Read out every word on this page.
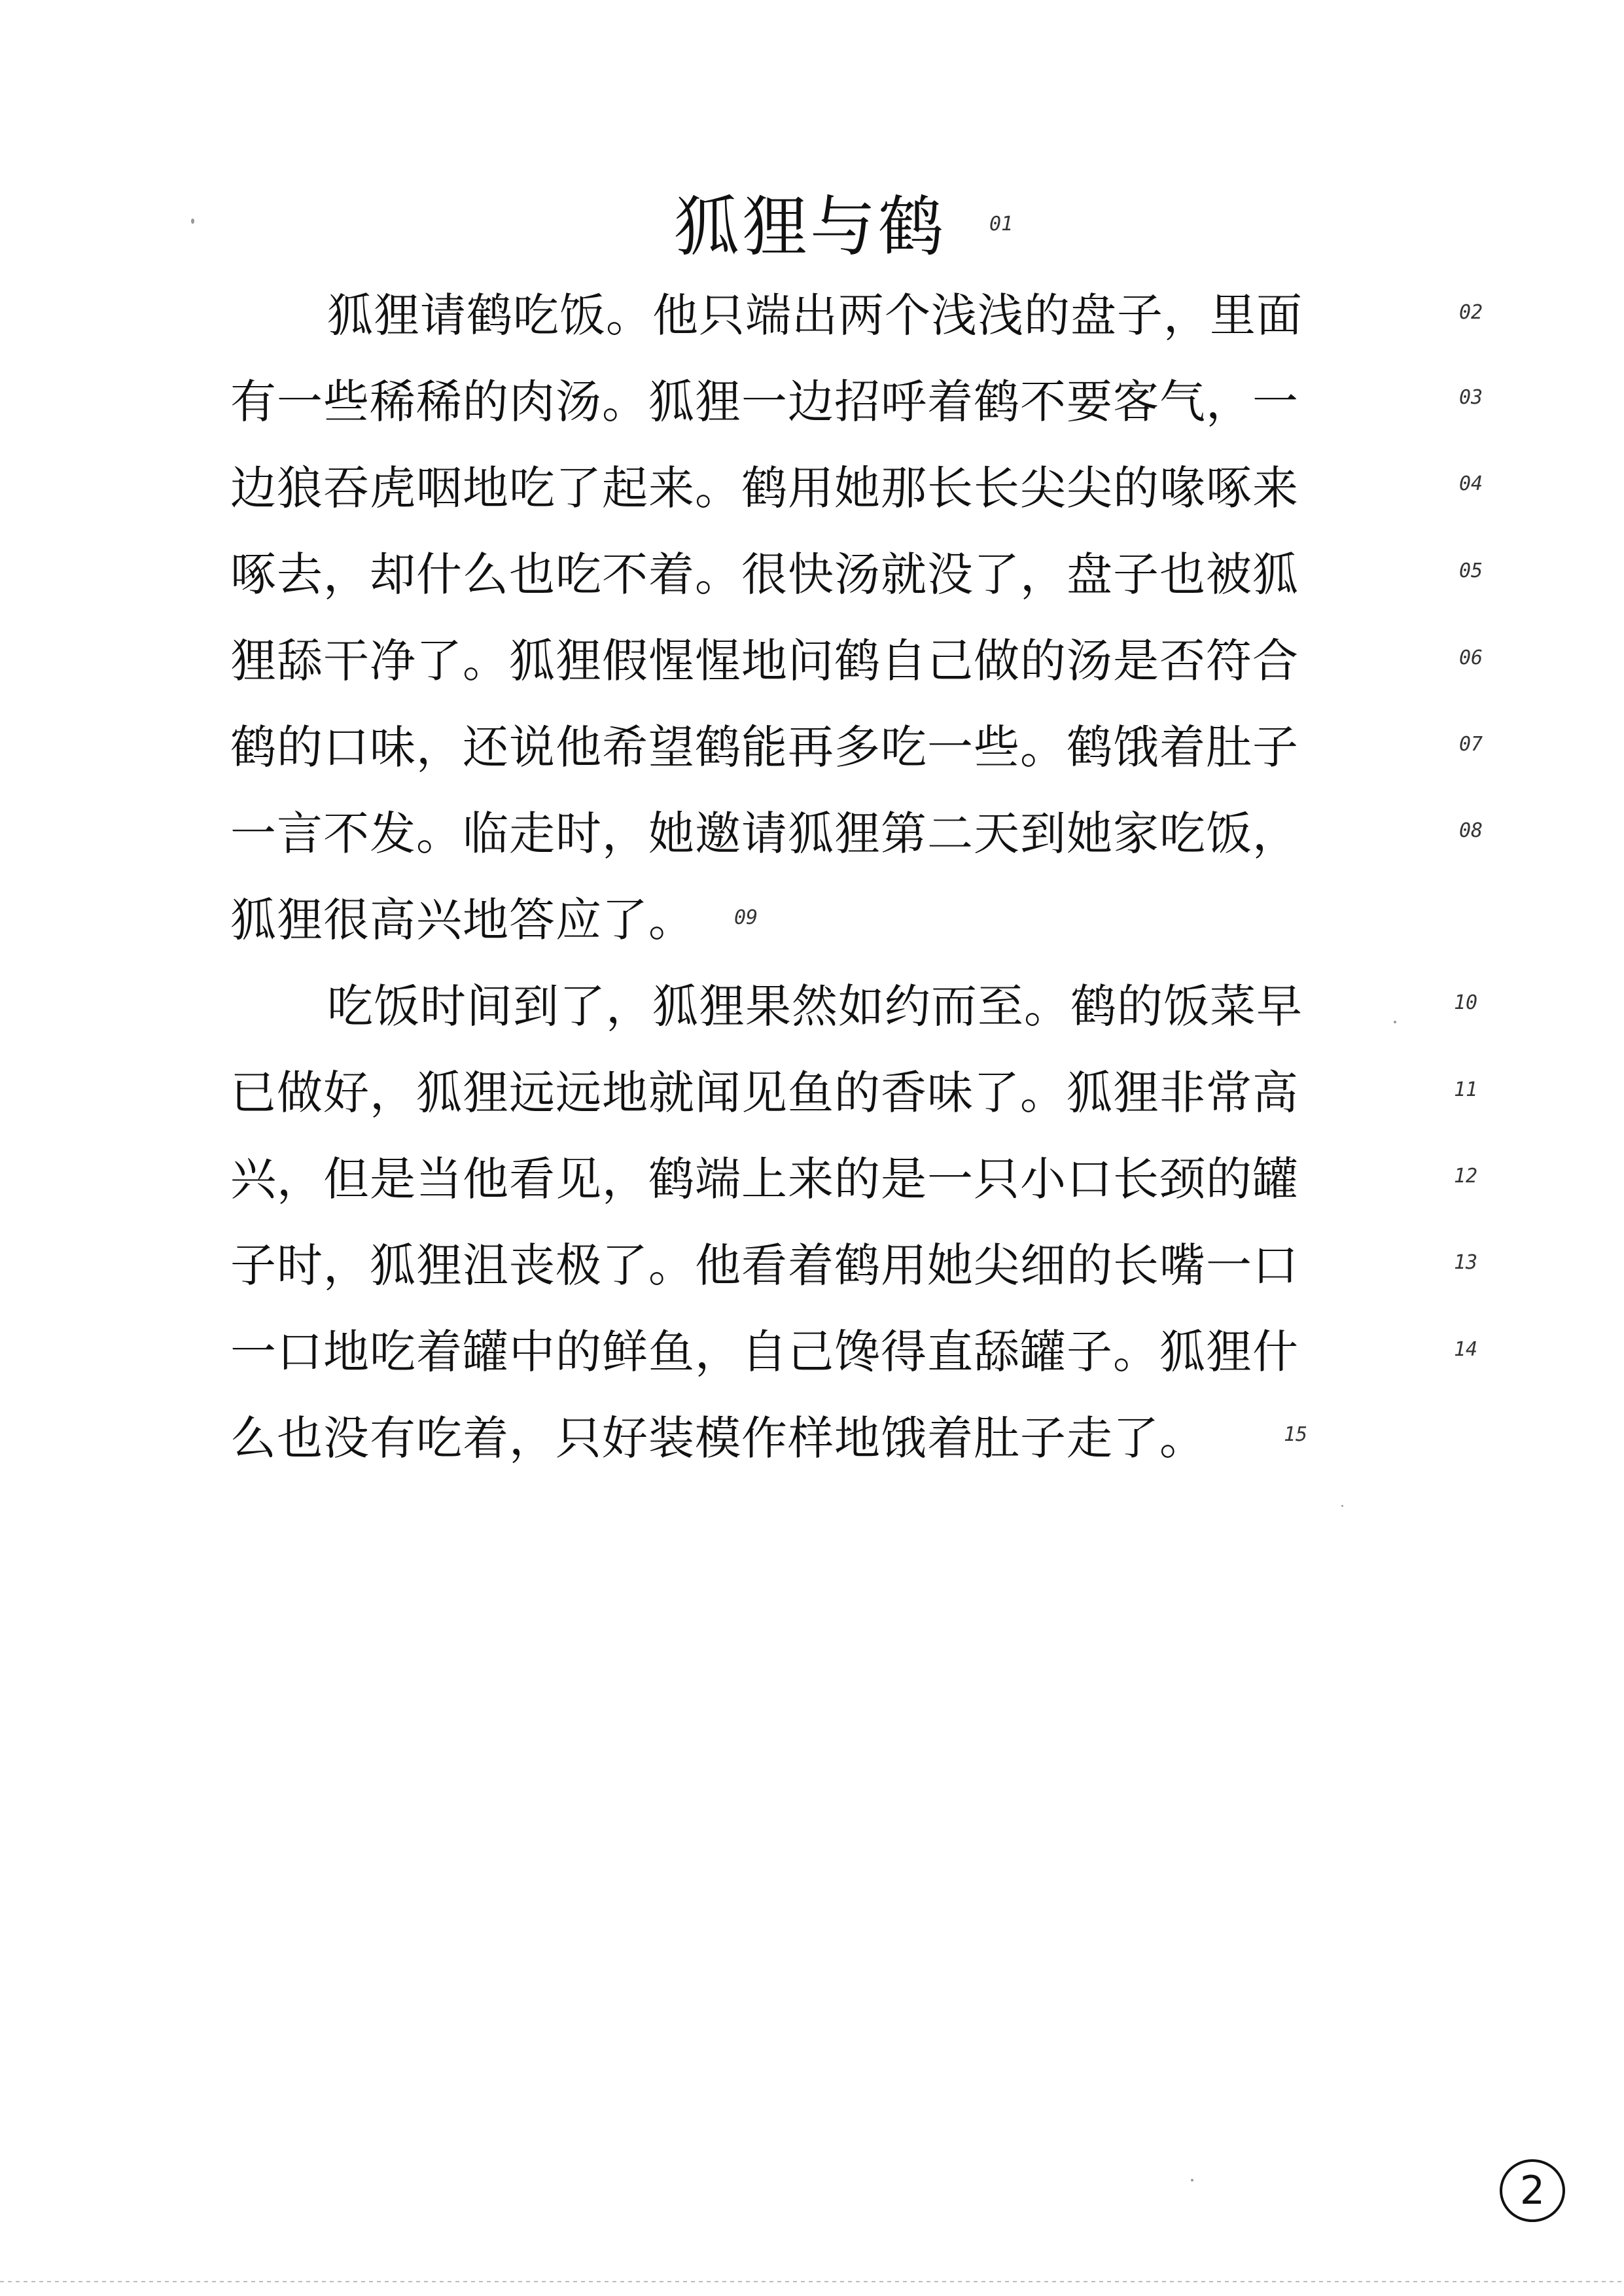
狐狸与鹤 01
狐狸请鹤吃饭。他只端出两个浅浅的盘子，里面	02
有一些稀稀的肉汤。狐狸一边招呼着鹤不要客气，一	03
边狼吞虎咽地吃了起来。鹤用她那长长尖尖的喙啄来	04
啄去，却什么也吃不着。很快汤就没了，盘子也被狐	05
狸舔干净了。狐狸假惺惺地问鹤自己做的汤是否符合	06
鹤的口味，还说他希望鹤能再多吃一些。鹤饿着肚子	07
一言不发。临走时，她邀请狐狸第二天到她家吃饭，	08
狐狸很高兴地答应了。 09
吃饭时间到了，狐狸果然如约而至。鹤的饭菜早	10
已做好，狐狸远远地就闻见鱼的香味了。狐狸非常高	11
兴，但是当他看见，鹤端上来的是一只小口长颈的罐	12
子时，狐狸沮丧极了。他看着鹤用她尖细的长嘴一口	13
一口地吃着罐中的鲜鱼，自己馋得直舔罐子。狐狸什	14
么也没有吃着，只好装模作样地饿着肚子走了。	15
2
